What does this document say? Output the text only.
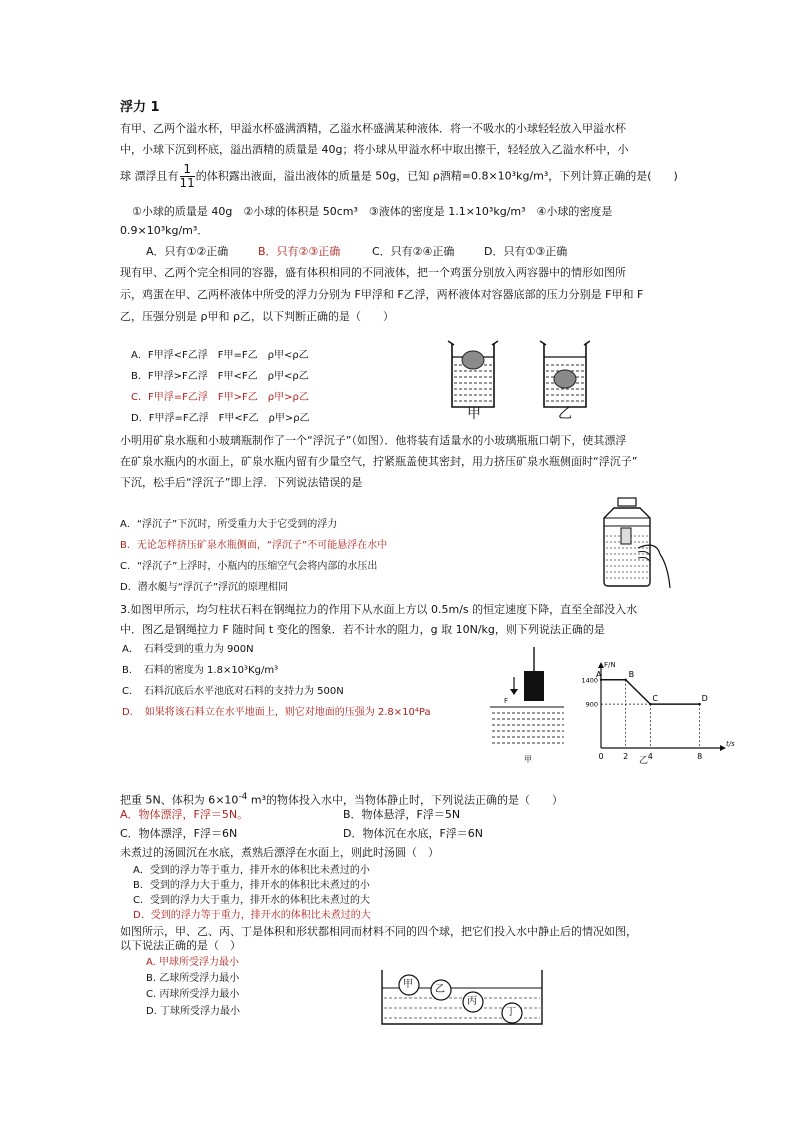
浮力 1
有甲、乙两个溢水杯，甲溢水杯盛满酒精，乙溢水杯盛满某种液体．将一不吸水的小球轻轻放入甲溢水杯
中，小球下沉到杯底，溢出酒精的质量是 40g；将小球从甲溢水杯中取出擦干，轻轻放入乙溢水杯中，小
球 漂浮且有 $\frac{1}{11}$ 的体积露出液面，溢出液体的质量是 50g，已知 ρ酒精=0.8×10³kg/m³，下列计算正确的是(　　)
①小球的质量是 40g　②小球的体积是 50cm³　③液体的密度是 1.1×10³kg/m³　④小球的密度是
0.9×10³kg/m³．
A．只有①②正确	B．只有②③正确	C．只有②④正确	D．只有①③正确
现有甲、乙两个完全相同的容器，盛有体积相同的不同液体，把一个鸡蛋分别放入两容器中的情形如图所
示，鸡蛋在甲、乙两杯液体中所受的浮力分别为 F甲浮和 F乙浮，两杯液体对容器底部的压力分别是 F甲和 F
乙，压强分别是 ρ甲和 ρ乙，以下判断正确的是（　　）
A．F甲浮<F乙浮　F甲=F乙　ρ甲<ρ乙
B．F甲浮>F乙浮　F甲<F乙　ρ甲<ρ乙
C．F甲浮=F乙浮　F甲>F乙　ρ甲>ρ乙
D．F甲浮=F乙浮　F甲<F乙　ρ甲>ρ乙	甲	乙
小明用矿泉水瓶和小玻璃瓶制作了一个“浮沉子”（如图）．他将装有适量水的小玻璃瓶瓶口朝下，使其漂浮
在矿泉水瓶内的水面上，矿泉水瓶内留有少量空气，拧紧瓶盖使其密封，用力挤压矿泉水瓶侧面时“浮沉子”
下沉，松手后“浮沉子”即上浮．下列说法错误的是
A．“浮沉子”下沉时，所受重力大于它受到的浮力
B．无论怎样挤压矿泉水瓶侧面，“浮沉子”不可能悬浮在水中
C．“浮沉子”上浮时，小瓶内的压缩空气会将内部的水压出
D．潜水艇与“浮沉子”浮沉的原理相同
3.如图甲所示，均匀柱状石料在钢绳拉力的作用下从水面上方以 0.5m/s 的恒定速度下降，直至全部没入水
中．图乙是钢绳拉力 F 随时间 t 变化的图象．若不计水的阻力，g 取 10N/kg，则下列说法正确的是
A．　石料受到的重力为 900N
B．　石料的密度为 1.8×10³Kg/m³
C．　石料沉底后水平池底对石料的支持力为 500N
D．　如果将该石料立在水平地面上，则它对地面的压强为 2.8×10⁴Pa
F
甲	0 2 4	8
1400
900
A	B
C	D
F/N
t/s
乙
把重 5N、体积为 $6\times 10^{-4}$ m³的物体投入水中，当物体静止时，下列说法正确的是（　　）
A．物体漂浮，F浮＝5N。	B．物体悬浮，F浮＝5N
C．物体漂浮，F浮＝6N	D．物体沉在水底，F浮＝6N
未煮过的汤圆沉在水底，煮熟后漂浮在水面上，则此时汤圆（　）
A．受到的浮力等于重力，排开水的体积比未煮过的小
B．受到的浮力大于重力，排开水的体积比未煮过的小
C．受到的浮力大于重力，排开水的体积比未煮过的大
D．受到的浮力等于重力，排开水的体积比未煮过的大
如图所示，甲、乙、丙、丁是体积和形状都相同而材料不同的四个球，把它们投入水中静止后的情况如图，
以下说法正确的是（　）
A. 甲球所受浮力最小
B. 乙球所受浮力最小
C. 丙球所受浮力最小
D. 丁球所受浮力最小
甲 乙
丙
丁
